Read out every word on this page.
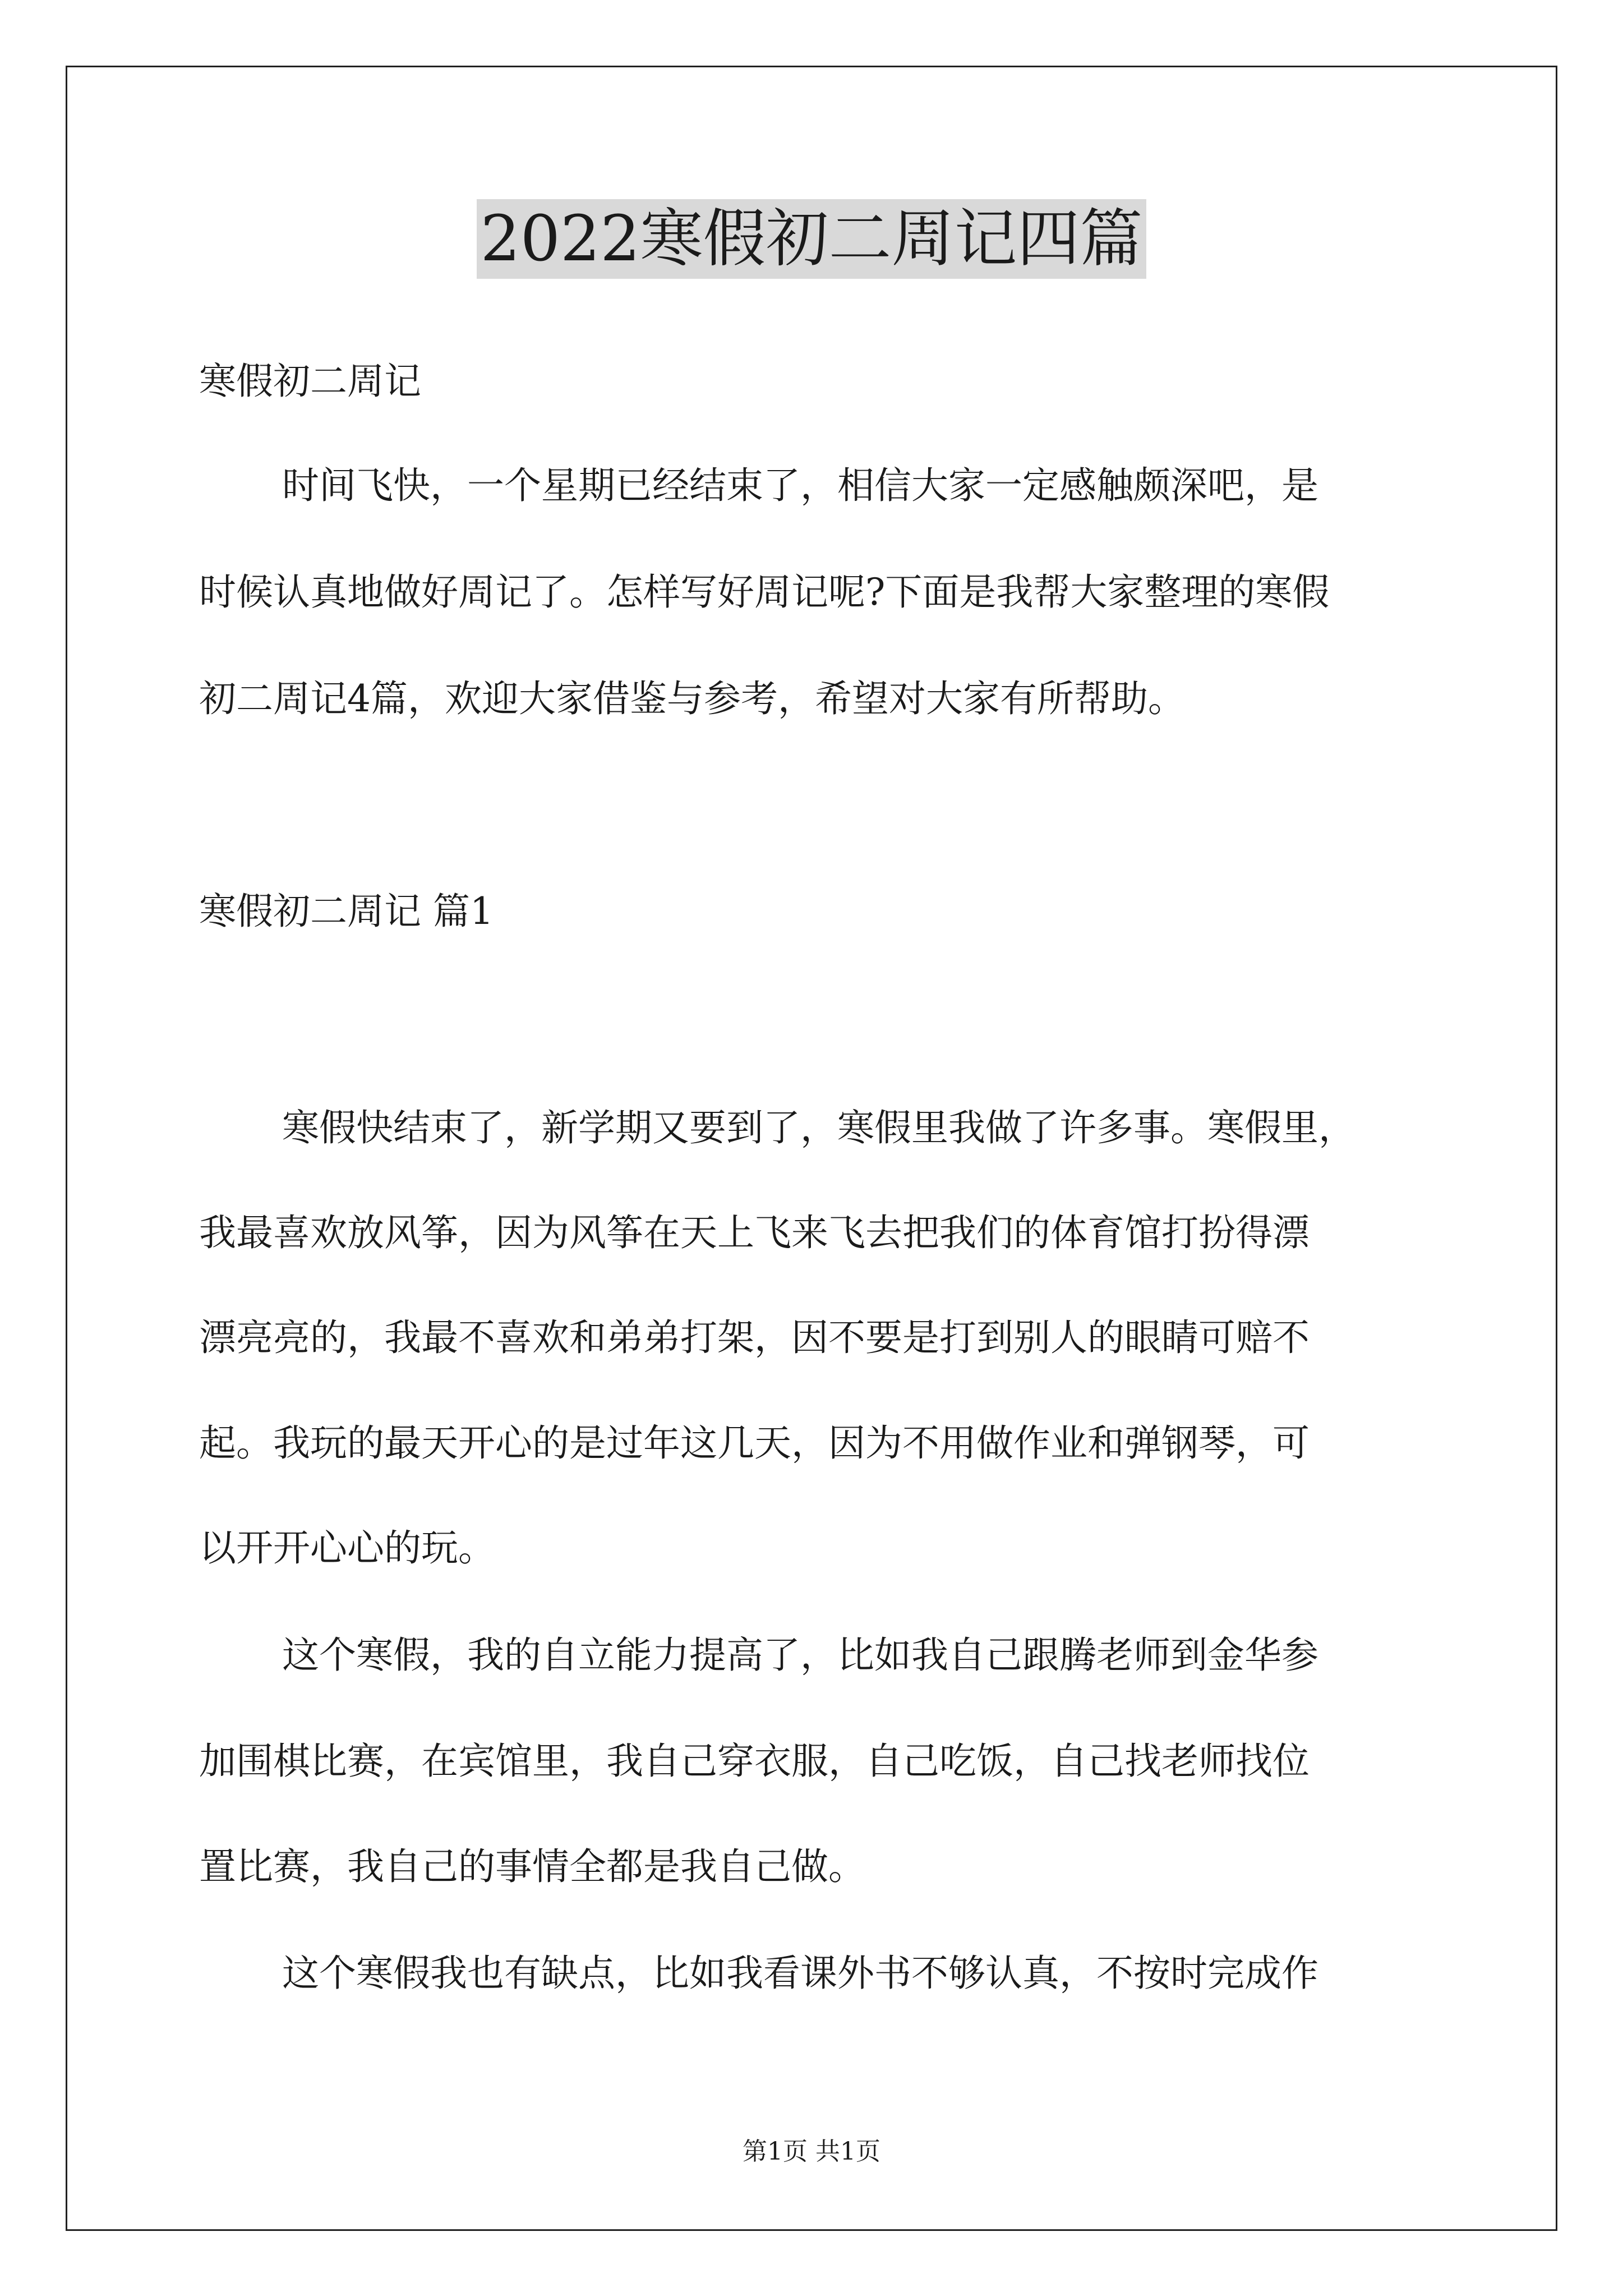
2022寒假初二周记四篇
寒假初二周记
时间飞快，一个星期已经结束了，相信大家一定感触颇深吧，是
时候认真地做好周记了。怎样写好周记呢?下面是我帮大家整理的寒假
初二周记4篇，欢迎大家借鉴与参考，希望对大家有所帮助。
寒假初二周记 篇1
寒假快结束了，新学期又要到了，寒假里我做了许多事。寒假里，
我最喜欢放风筝，因为风筝在天上飞来飞去把我们的体育馆打扮得漂
漂亮亮的，我最不喜欢和弟弟打架，因不要是打到别人的眼睛可赔不
起。我玩的最天开心的是过年这几天，因为不用做作业和弹钢琴，可
以开开心心的玩。
这个寒假，我的自立能力提高了，比如我自己跟腾老师到金华参
加围棋比赛，在宾馆里，我自己穿衣服，自己吃饭，自己找老师找位
置比赛，我自己的事情全都是我自己做。
这个寒假我也有缺点，比如我看课外书不够认真，不按时完成作
第1页 共1页
